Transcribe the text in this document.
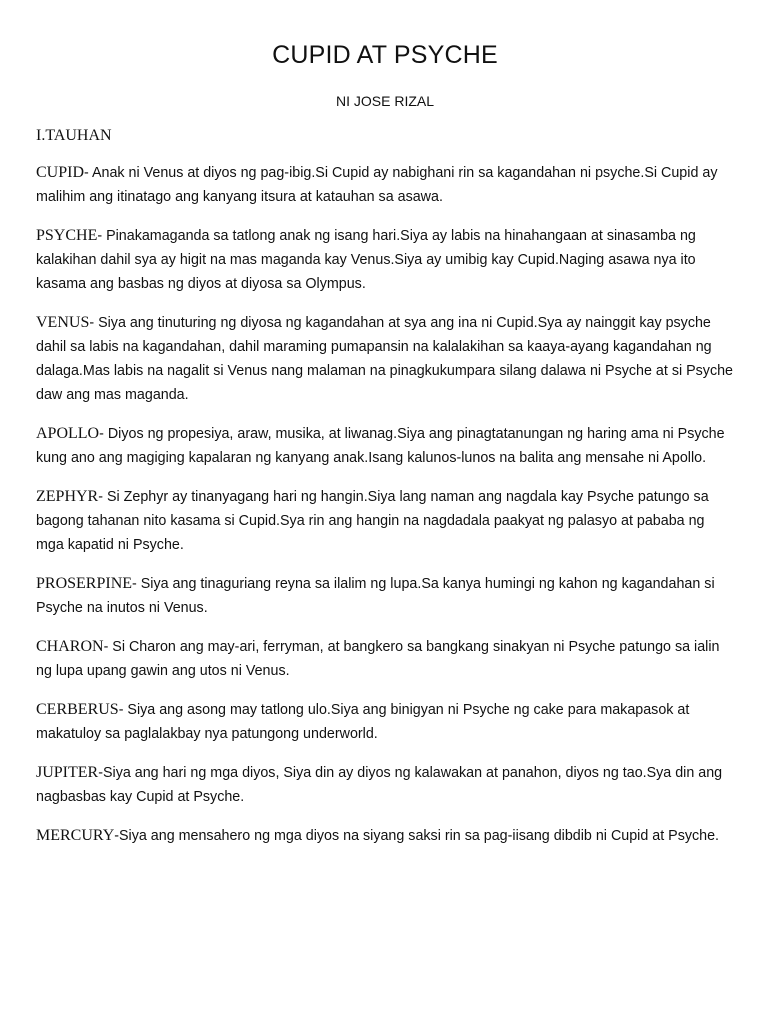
CUPID AT PSYCHE

NI JOSE RIZAL

I.TAUHAN

CUPID- Anak ni Venus at diyos ng pag-ibig.Si Cupid ay nabighani rin sa kagandahan ni psyche.Si Cupid ay malihim ang itinatago ang kanyang itsura at katauhan sa asawa.

PSYCHE- Pinakamaganda sa tatlong anak ng isang hari.Siya ay labis na hinahangaan at sinasamba ng kalakihan dahil sya ay higit na mas maganda kay Venus.Siya ay umibig kay Cupid.Naging asawa nya ito kasama ang basbas ng diyos at diyosa sa Olympus.

VENUS- Siya ang tinuturing ng diyosa ng kagandahan at sya ang ina ni Cupid.Sya ay nainggit kay psyche dahil sa labis na kagandahan, dahil maraming pumapansin na kalalakihan sa kaaya-ayang kagandahan ng dalaga.Mas labis na nagalit si Venus nang malaman na pinagkukumpara silang dalawa ni Psyche at si Psyche daw ang mas maganda.

APOLLO- Diyos ng propesiya, araw, musika, at liwanag.Siya ang pinagtatanungan ng haring ama ni Psyche kung ano ang magiging kapalaran ng kanyang anak.Isang kalunos-lunos na balita ang mensahe ni Apollo.

ZEPHYR- Si Zephyr ay tinanyagang hari ng hangin.Siya lang naman ang nagdala kay Psyche patungo sa bagong tahanan nito kasama si Cupid.Sya rin ang hangin na nagdadala paakyat ng palasyo at pababa ng mga kapatid ni Psyche.

PROSERPINE- Siya ang tinaguriang reyna sa ilalim ng lupa.Sa kanya humingi ng kahon ng kagandahan si Psyche na inutos ni Venus.

CHARON- Si Charon ang may-ari, ferryman, at bangkero sa bangkang sinakyan ni Psyche patungo sa ialin ng lupa upang gawin ang utos ni Venus.

CERBERUS- Siya ang asong may tatlong ulo.Siya ang binigyan ni Psyche ng cake para makapasok at makatuloy sa paglalakbay nya patungong underworld.

JUPITER-Siya ang hari ng mga diyos, Siya din ay diyos ng kalawakan at panahon, diyos ng tao.Sya din ang nagbasbas kay Cupid at Psyche.

MERCURY-Siya ang mensahero ng mga diyos na siyang saksi rin sa pag-iisang dibdib ni Cupid at Psyche.
